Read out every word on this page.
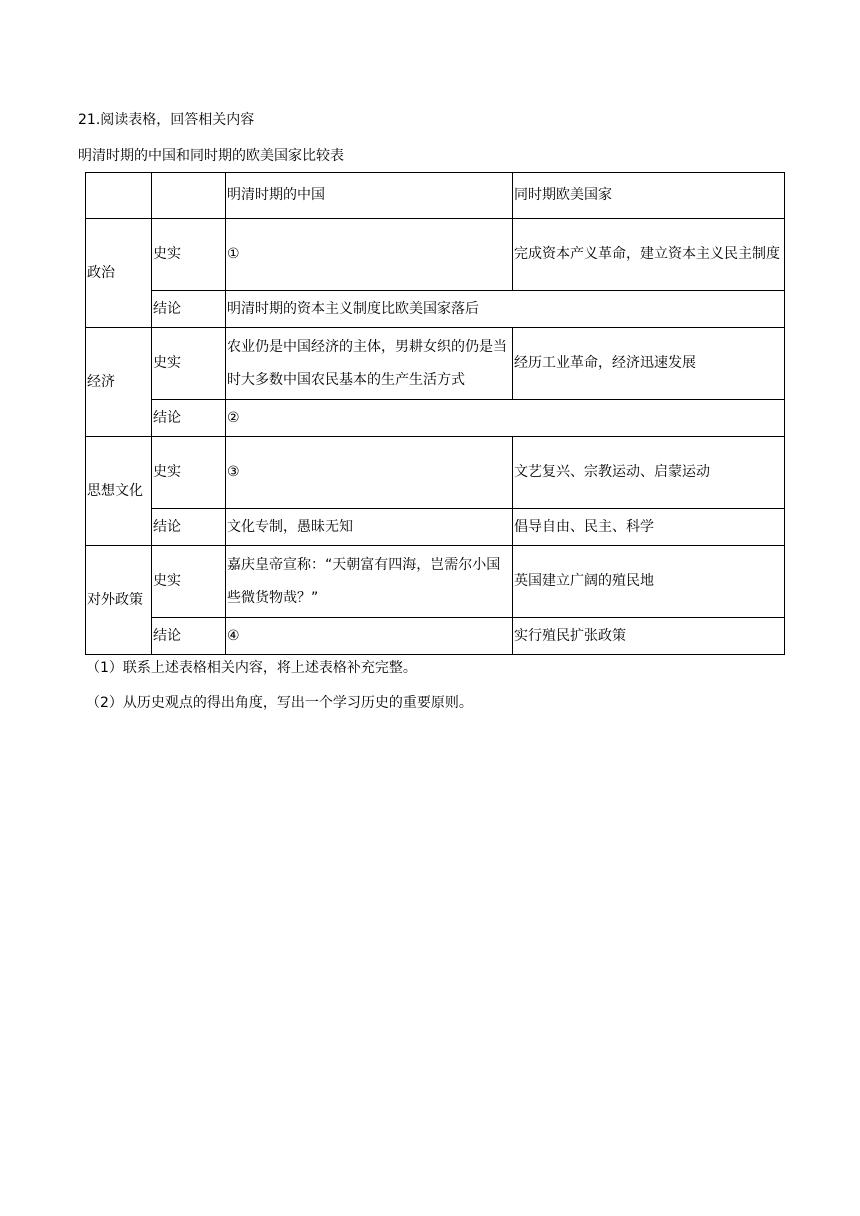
21.阅读表格，回答相关内容
明清时期的中国和同时期的欧美国家比较表
		明清时期的中国	同时期欧美国家
政治	史实	①	完成资本产义革命，建立资本主义民主制度
	结论	明清时期的资本主义制度比欧美国家落后	
经济	史实	农业仍是中国经济的主体，男耕女织的仍是当时大多数中国农民基本的生产生活方式	经历工业革命，经济迅速发展
	结论	②	
思想文化	史实	③	文艺复兴、宗教运动、启蒙运动
	结论	文化专制，愚昧无知	倡导自由、民主、科学
对外政策	史实	嘉庆皇帝宣称：“天朝富有四海，岂需尔小国些微货物哉？”	英国建立广阔的殖民地
	结论	④	实行殖民扩张政策

（1）联系上述表格相关内容，将上述表格补充完整。

（2）从历史观点的得出角度，写出一个学习历史的重要原则。
